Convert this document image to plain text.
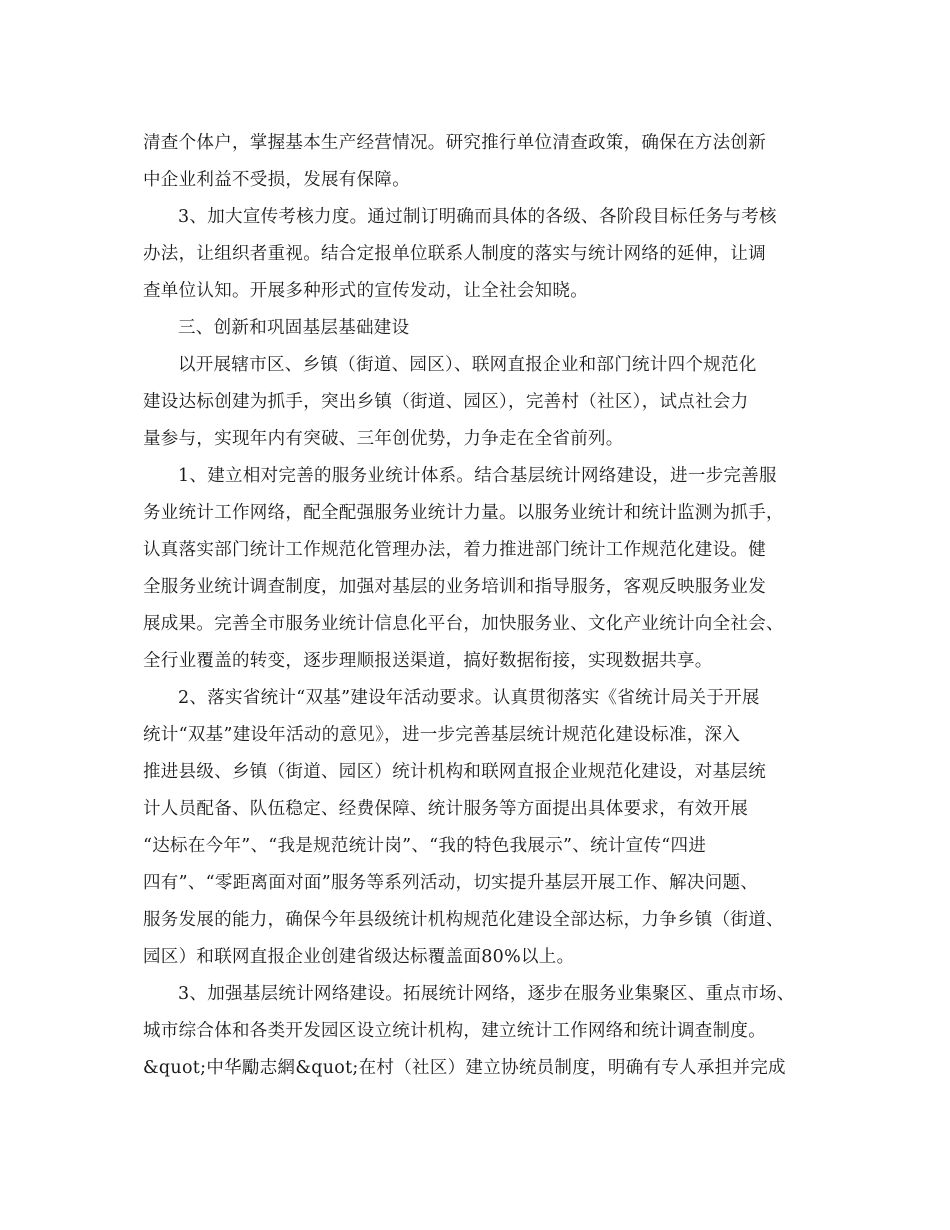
清查个体户，掌握基本生产经营情况。研究推行单位清查政策，确保在方法创新
中企业利益不受损，发展有保障。
3、加大宣传考核力度。通过制订明确而具体的各级、各阶段目标任务与考核
办法，让组织者重视。结合定报单位联系人制度的落实与统计网络的延伸，让调
查单位认知。开展多种形式的宣传发动，让全社会知晓。
三、创新和巩固基层基础建设
以开展辖市区、乡镇（街道、园区）、联网直报企业和部门统计四个规范化
建设达标创建为抓手，突出乡镇（街道、园区），完善村（社区），试点社会力
量参与，实现年内有突破、三年创优势，力争走在全省前列。
1、建立相对完善的服务业统计体系。结合基层统计网络建设，进一步完善服
务业统计工作网络，配全配强服务业统计力量。以服务业统计和统计监测为抓手，
认真落实部门统计工作规范化管理办法，着力推进部门统计工作规范化建设。健
全服务业统计调查制度，加强对基层的业务培训和指导服务，客观反映服务业发
展成果。完善全市服务业统计信息化平台，加快服务业、文化产业统计向全社会、
全行业覆盖的转变，逐步理顺报送渠道，搞好数据衔接，实现数据共享。
2、落实省统计“双基”建设年活动要求。认真贯彻落实《省统计局关于开展
统计“双基”建设年活动的意见》，进一步完善基层统计规范化建设标准，深入
推进县级、乡镇（街道、园区）统计机构和联网直报企业规范化建设，对基层统
计人员配备、队伍稳定、经费保障、统计服务等方面提出具体要求，有效开展
“达标在今年”、“我是规范统计岗”、“我的特色我展示”、统计宣传“四进
四有”、“零距离面对面”服务等系列活动，切实提升基层开展工作、解决问题、
服务发展的能力，确保今年县级统计机构规范化建设全部达标，力争乡镇（街道、
园区）和联网直报企业创建省级达标覆盖面80%以上。
3、加强基层统计网络建设。拓展统计网络，逐步在服务业集聚区、重点市场、
城市综合体和各类开发园区设立统计机构，建立统计工作网络和统计调查制度。
&quot;中华勵志網&quot;在村（社区）建立协统员制度，明确有专人承担并完成
